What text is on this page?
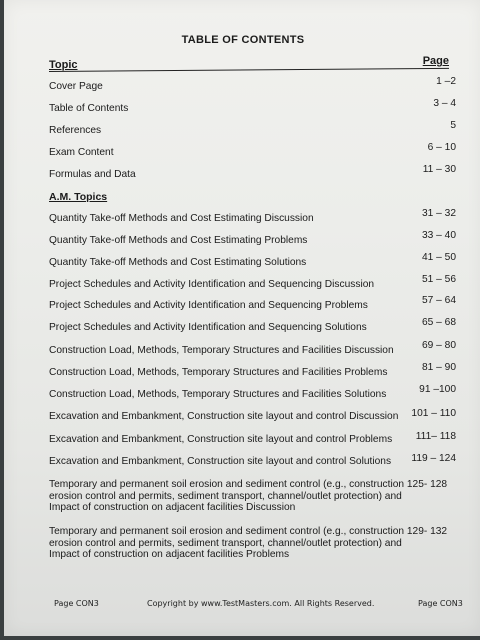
TABLE OF CONTENTS
Topic	Page
Cover Page	1 –2
Table of Contents	3 – 4
References	5
Exam Content	6 – 10
Formulas and Data	11 – 30
A.M. Topics
Quantity Take-off Methods and Cost Estimating Discussion	31 – 32
Quantity Take-off Methods and Cost Estimating Problems	33 – 40
Quantity Take-off Methods and Cost Estimating Solutions	41 – 50
Project Schedules and Activity Identification and Sequencing Discussion	51 – 56
Project Schedules and Activity Identification and Sequencing Problems	57 – 64
Project Schedules and Activity Identification and Sequencing Solutions	65 – 68
Construction Load, Methods, Temporary Structures and Facilities Discussion	69 – 80
Construction Load, Methods, Temporary Structures and Facilities Problems	81 – 90
Construction Load, Methods, Temporary Structures and Facilities Solutions	91 –100
Excavation and Embankment, Construction site layout and control Discussion 101 – 110
Excavation and Embankment, Construction site layout and control Problems 111– 118
Excavation and Embankment, Construction site layout and control Solutions 119 – 124
Temporary and permanent soil erosion and sediment control (e.g., construction 125- 128
erosion control and permits, sediment transport, channel/outlet protection) and
Impact of construction on adjacent facilities Discussion
Temporary and permanent soil erosion and sediment control (e.g., construction 129- 132
erosion control and permits, sediment transport, channel/outlet protection) and
Impact of construction on adjacent facilities Problems
Page CON3	Copyright by www.TestMasters.com. All Rights Reserved.	Page CON3
